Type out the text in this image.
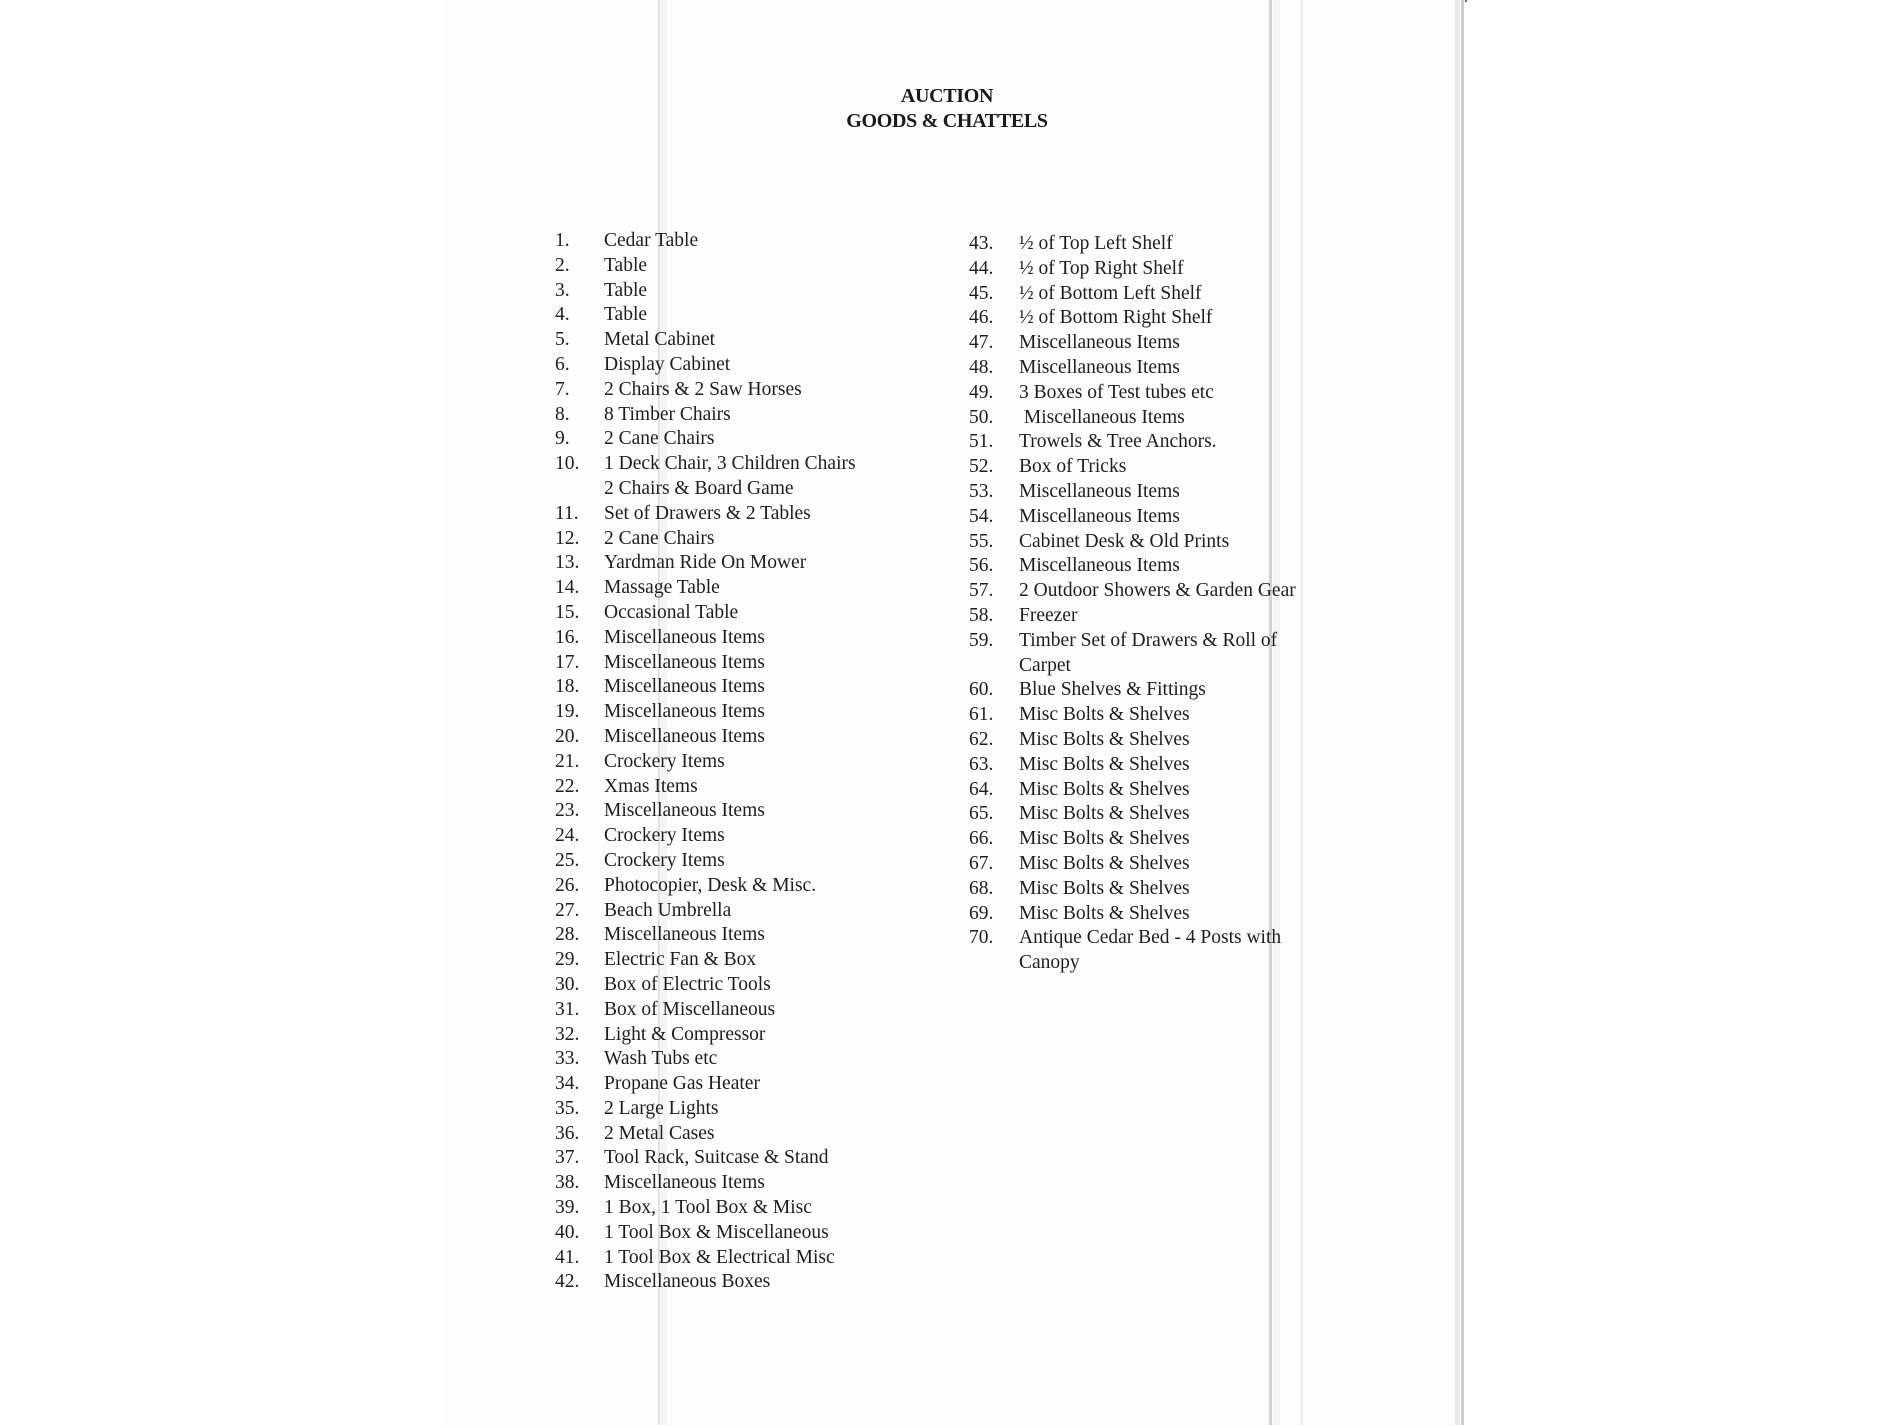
AUCTION
GOODS & CHATTELS
1. Cedar Table
2. Table
3. Table
4. Table
5. Metal Cabinet
6. Display Cabinet
7. 2 Chairs & 2 Saw Horses
8. 8 Timber Chairs
9. 2 Cane Chairs
10. 1 Deck Chair, 3 Children Chairs
2 Chairs & Board Game
11. Set of Drawers & 2 Tables
12. 2 Cane Chairs
13. Yardman Ride On Mower
14. Massage Table
15. Occasional Table
16. Miscellaneous Items
17. Miscellaneous Items
18. Miscellaneous Items
19. Miscellaneous Items
20. Miscellaneous Items
21. Crockery Items
22. Xmas Items
23. Miscellaneous Items
24. Crockery Items
25. Crockery Items
26. Photocopier, Desk & Misc.
27. Beach Umbrella
28. Miscellaneous Items
29. Electric Fan & Box
30. Box of Electric Tools
31. Box of Miscellaneous
32. Light & Compressor
33. Wash Tubs etc
34. Propane Gas Heater
35. 2 Large Lights
36. 2 Metal Cases
37. Tool Rack, Suitcase & Stand
38. Miscellaneous Items
39. 1 Box, 1 Tool Box & Misc
40. 1 Tool Box & Miscellaneous
41. 1 Tool Box & Electrical Misc
42. Miscellaneous Boxes
43. ½ of Top Left Shelf
44. ½ of Top Right Shelf
45. ½ of Bottom Left Shelf
46. ½ of Bottom Right Shelf
47. Miscellaneous Items
48. Miscellaneous Items
49. 3 Boxes of Test tubes etc
50. Miscellaneous Items
51. Trowels & Tree Anchors.
52. Box of Tricks
53. Miscellaneous Items
54. Miscellaneous Items
55. Cabinet Desk & Old Prints
56. Miscellaneous Items
57. 2 Outdoor Showers & Garden Gear
58. Freezer
59. Timber Set of Drawers & Roll of
Carpet
60. Blue Shelves & Fittings
61. Misc Bolts & Shelves
62. Misc Bolts & Shelves
63. Misc Bolts & Shelves
64. Misc Bolts & Shelves
65. Misc Bolts & Shelves
66. Misc Bolts & Shelves
67. Misc Bolts & Shelves
68. Misc Bolts & Shelves
69. Misc Bolts & Shelves
70. Antique Cedar Bed - 4 Posts with
Canopy
